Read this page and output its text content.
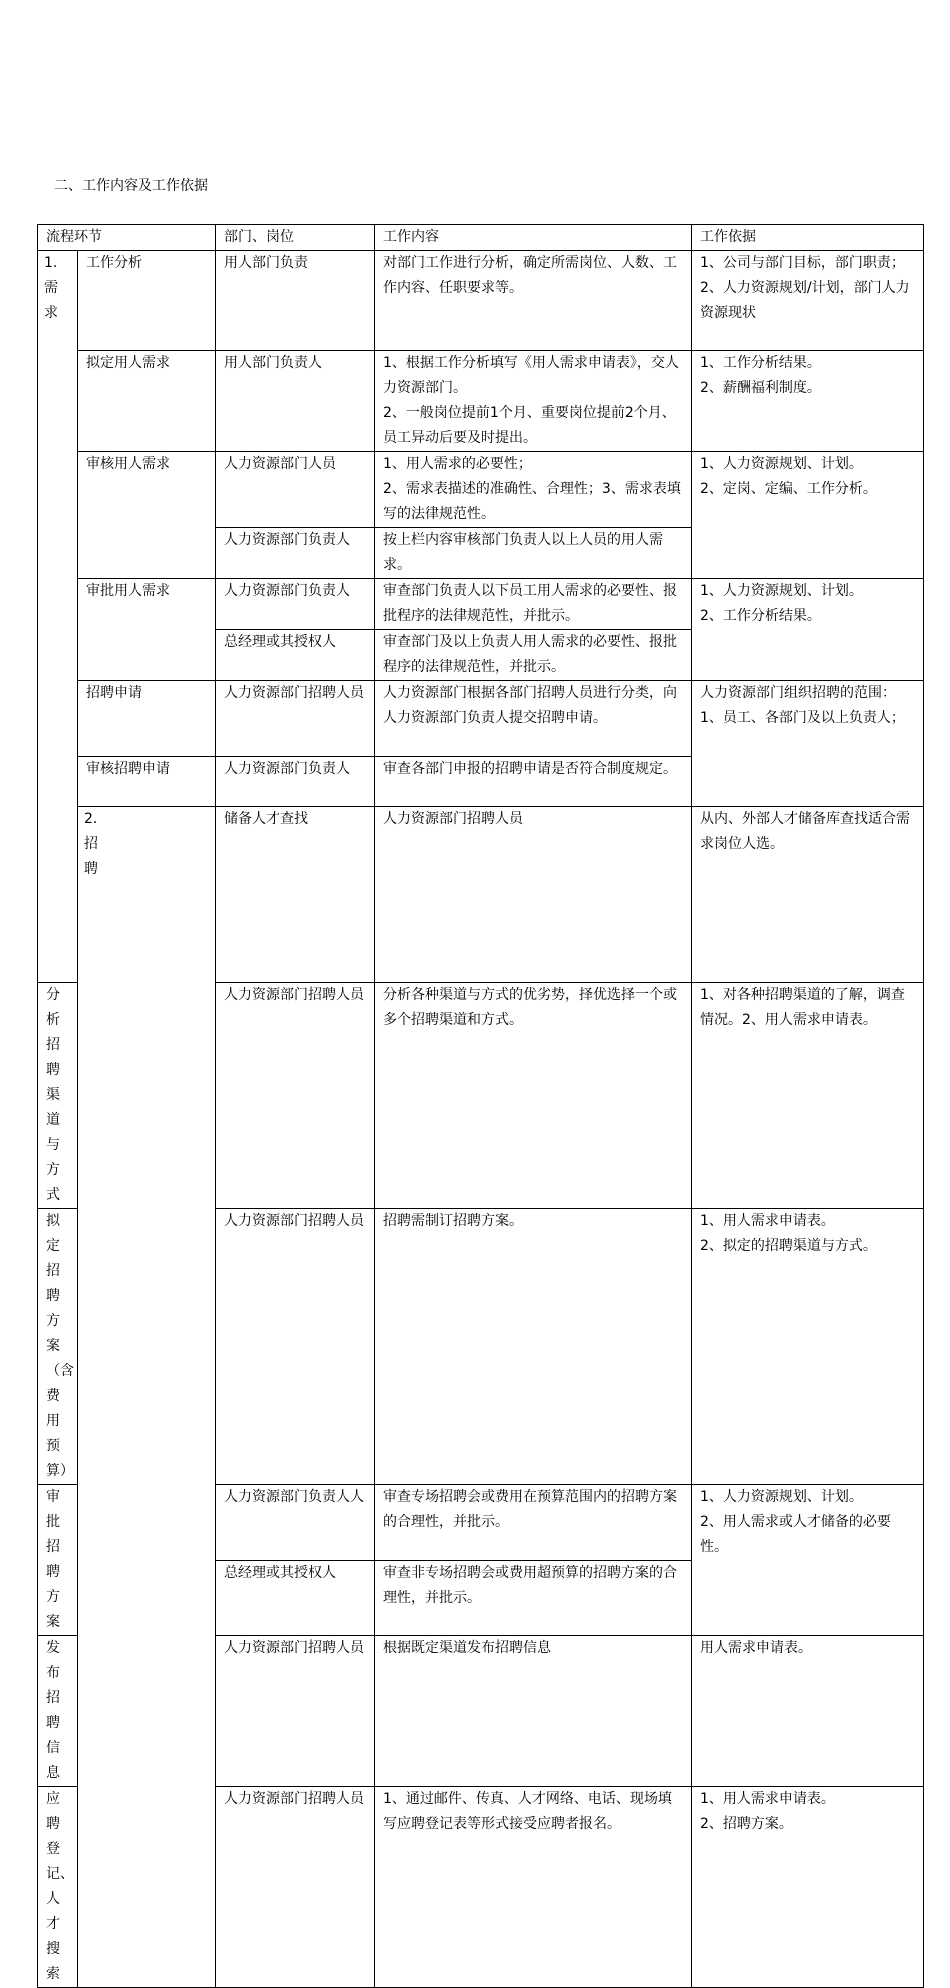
二、工作内容及工作依据
流程环节		部门、岗位	工作内容	工作依据	

1.
需
求	工作分析	用人部门负责	对部门工作进行分析，确定所需岗位、人数、工作内容、任职要求等。	1、公司与部门目标，部门职责；
2、人力资源规划/计划，部门人力资源现状	

	拟定用人需求	用人部门负责人	1、根据工作分析填写《用人需求申请表》，交人力资源部门。
2、一般岗位提前1个月、重要岗位提前2个月、员工异动后要及时提出。	1、工作分析结果。
2、薪酬福利制度。	

	审核用人需求	人力资源部门人员	1、用人需求的必要性；
2、需求表描述的准确性、合理性；3、需求表填写的法律规范性。	1、人力资源规划、计划。
2、定岗、定编、工作分析。	

		人力资源部门负责人	按上栏内容审核部门负责人以上人员的用人需求。		
	审批用人需求	人力资源部门负责人	审查部门负责人以下员工用人需求的必要性、报批程序的法律规范性，并批示。	1、人力资源规划、计划。
2、工作分析结果。	

		总经理或其授权人	审查部门及以上负责人用人需求的必要性、报批程序的法律规范性，并批示。		
	招聘申请	人力资源部门招聘人员	人力资源部门根据各部门招聘人员进行分类，向人力资源部门负责人提交招聘申请。	人力资源部门组织招聘的范围：
1、员工、各部门及以上负责人；	

	审核招聘申请	人力资源部门负责人	审查各部门申报的招聘申请是否符合制度规定。		

	2.
招
聘	储备人才查找	人力资源部门招聘人员	从内、外部人才储备库查找适合需求岗位人选。	
分析招聘渠道与方式		人力资源部门招聘人员	分析各种渠道与方式的优劣势，择优选择一个或多个招聘渠道和方式。	1、对各种招聘渠道的了解，调查情况。2、用人需求申请表。	
拟定招聘方案（含费用预算）		人力资源部门招聘人员	招聘需制订招聘方案。	1、用人需求申请表。
2、拟定的招聘渠道与方式。	

审批招聘方案		人力资源部门负责人人	审查专场招聘会或费用在预算范围内的招聘方案的合理性，并批示。	1、人力资源规划、计划。
2、用人需求或人才储备的必要性。	

		总经理或其授权人	审查非专场招聘会或费用超预算的招聘方案的合理性，并批示。		
发布招聘信息		人力资源部门招聘人员	根据既定渠道发布招聘信息	用人需求申请表。	
应聘登记、人才搜索		人力资源部门招聘人员	1、通过邮件、传真、人才网络、电话、现场填写应聘登记表等形式接受应聘者报名。	1、用人需求申请表。
2、招聘方案。	
